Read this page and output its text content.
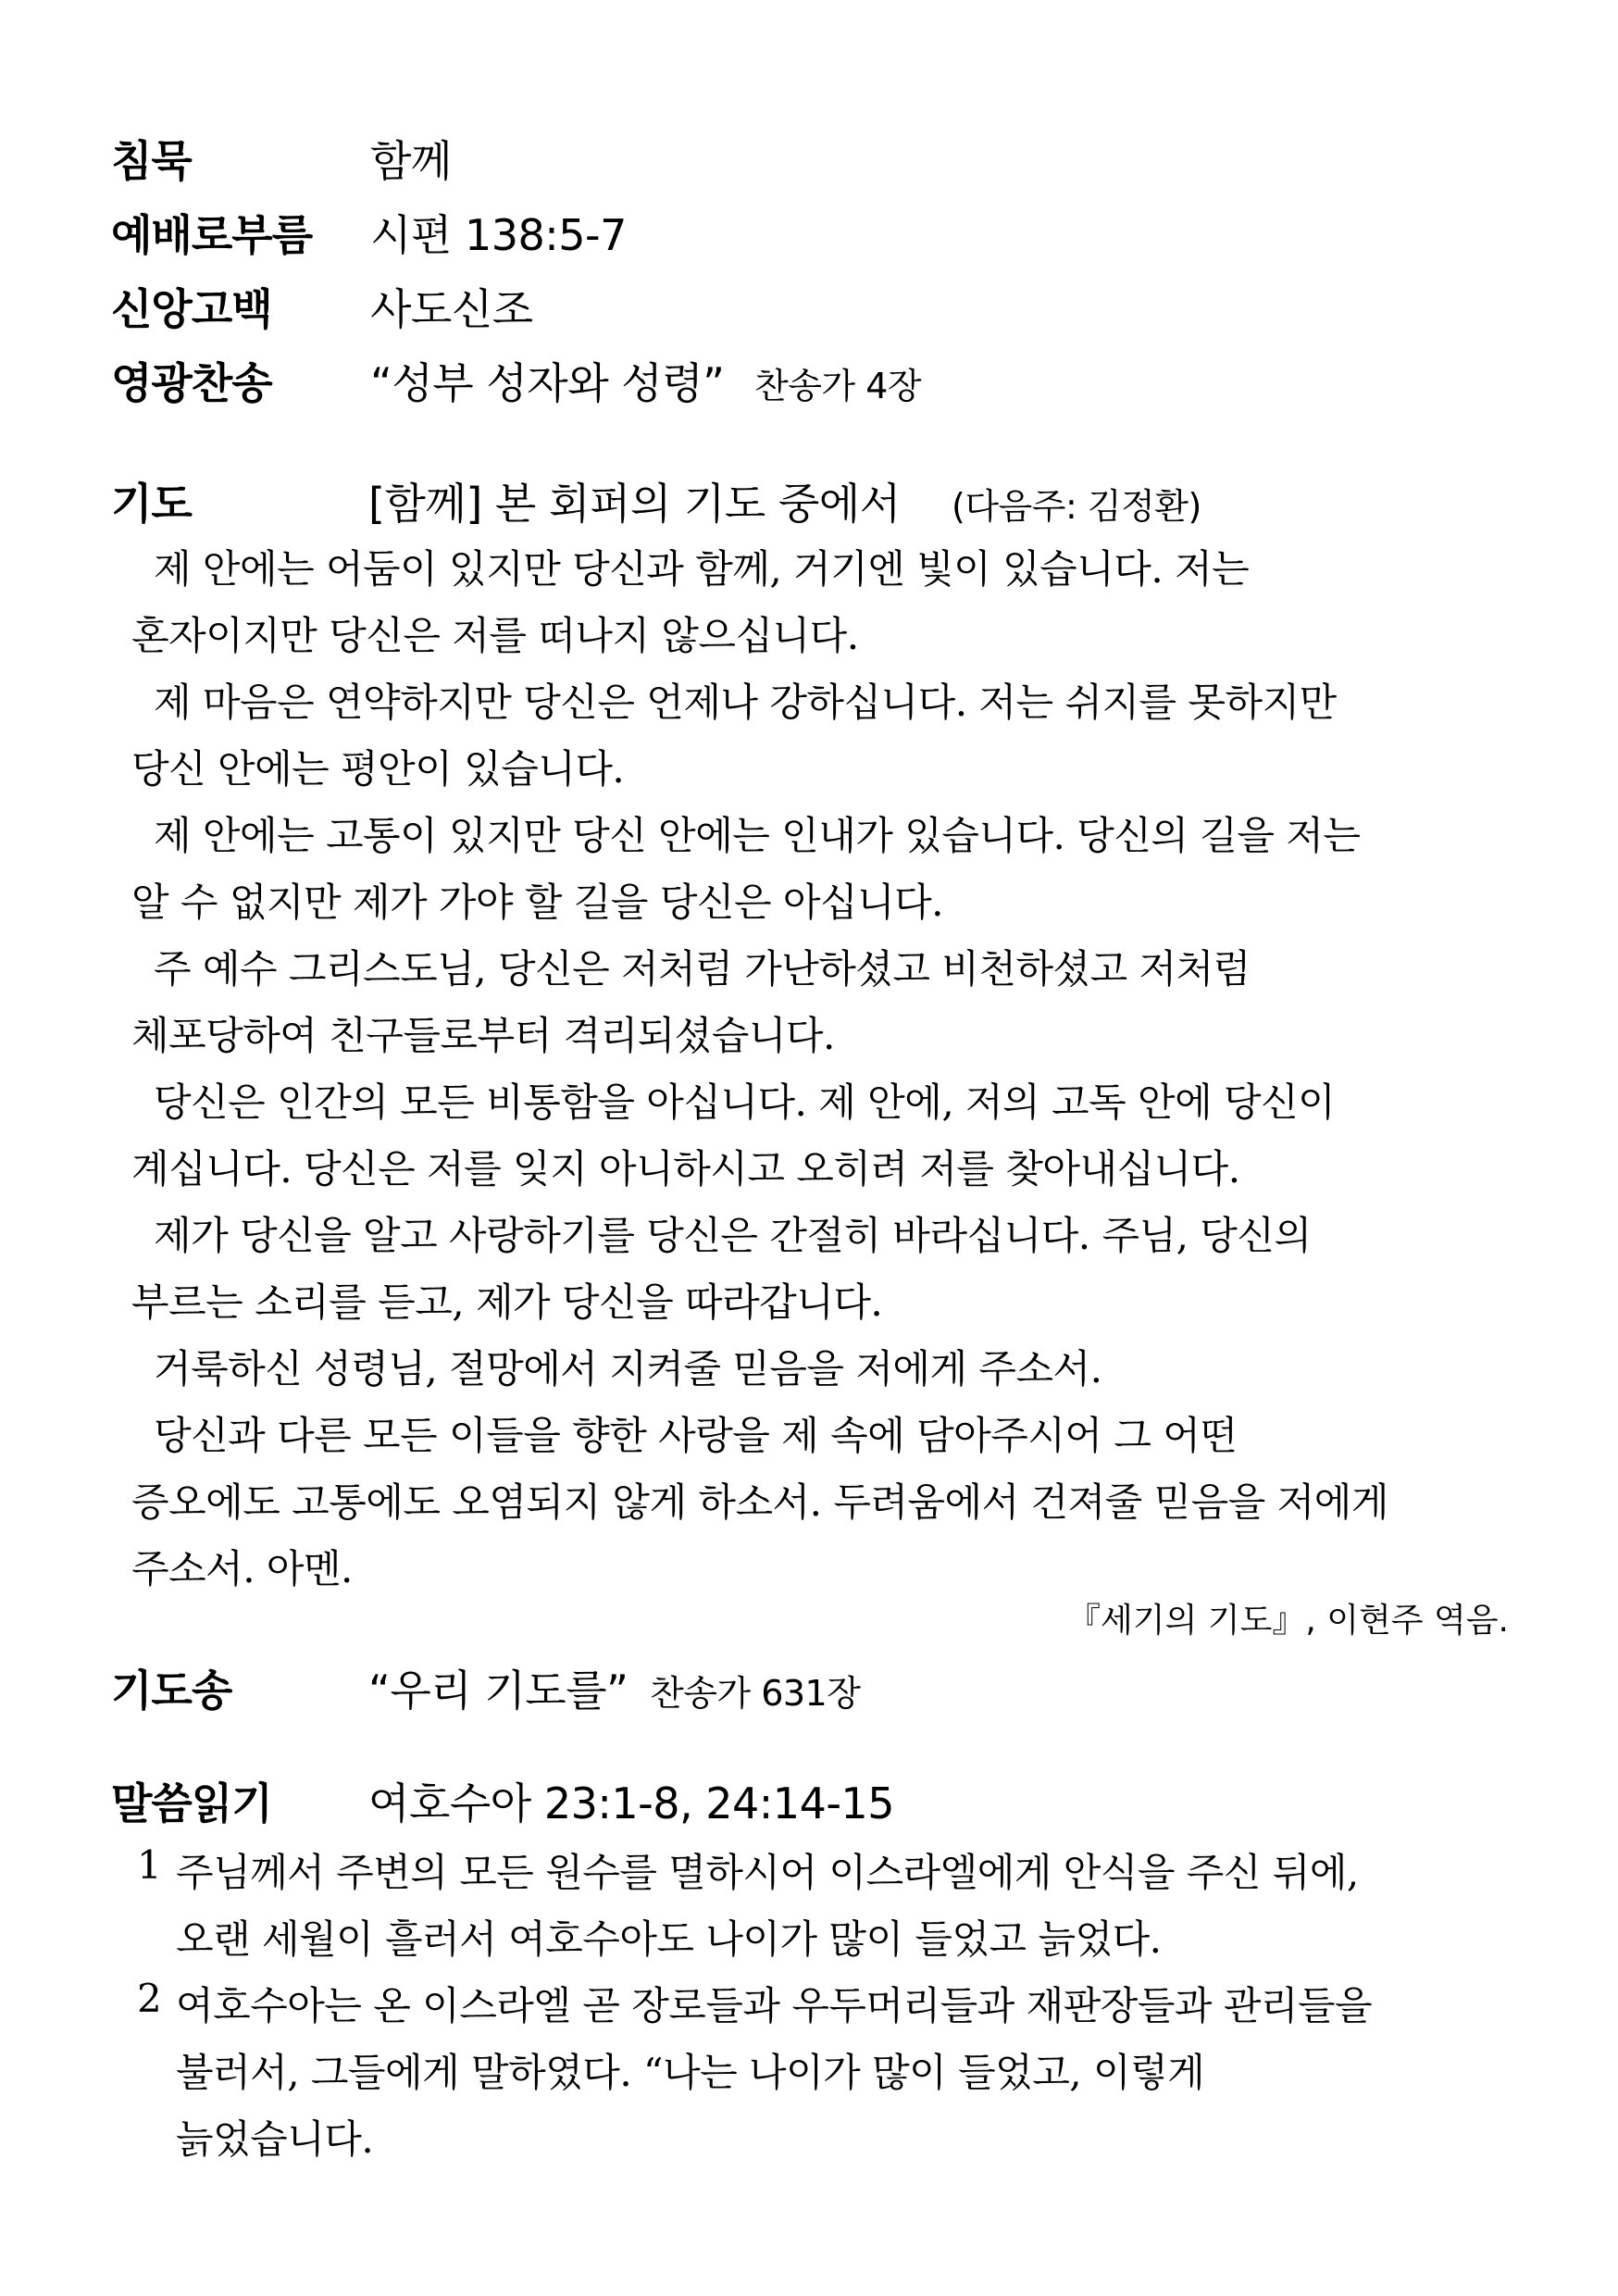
침묵	함께
예배로부름 시편 138:5-7
신앙고백 사도신조
영광찬송 “성부 성자와 성령” 찬송가 4장
기도	[함께] 본 회퍼의 기도 중에서 (다음주: 김정환)
제 안에는 어둠이 있지만 당신과 함께, 거기엔 빛이 있습니다. 저는
혼자이지만 당신은 저를 떠나지 않으십니다.
제 마음은 연약하지만 당신은 언제나 강하십니다. 저는 쉬지를 못하지만
당신 안에는 평안이 있습니다.
제 안에는 고통이 있지만 당신 안에는 인내가 있습니다. 당신의 길을 저는
알 수 없지만 제가 가야 할 길을 당신은 아십니다.
주 예수 그리스도님, 당신은 저처럼 가난하셨고 비천하셨고 저처럼
체포당하여 친구들로부터 격리되셨습니다.
당신은 인간의 모든 비통함을 아십니다. 제 안에, 저의 고독 안에 당신이
계십니다. 당신은 저를 잊지 아니하시고 오히려 저를 찾아내십니다.
제가 당신을 알고 사랑하기를 당신은 간절히 바라십니다. 주님, 당신의
부르는 소리를 듣고, 제가 당신을 따라갑니다.
거룩하신 성령님, 절망에서 지켜줄 믿음을 저에게 주소서.
당신과 다른 모든 이들을 향한 사랑을 제 속에 담아주시어 그 어떤
증오에도 고통에도 오염되지 않게 하소서. 두려움에서 건져줄 믿음을 저에게
주소서. 아멘.
『세기의 기도』, 이현주 역음.
기도송	“우리 기도를” 찬송가 631장
말씀읽기 여호수아 23:1-8, 24:14-15
1 주님께서 주변의 모든 원수를 멸하시어 이스라엘에게 안식을 주신 뒤에,
오랜 세월이 흘러서 여호수아도 나이가 많이 들었고 늙었다.
2 여호수아는 온 이스라엘 곧 장로들과 우두머리들과 재판장들과 관리들을
불러서, 그들에게 말하였다. “나는 나이가 많이 들었고, 이렇게
늙었습니다.
